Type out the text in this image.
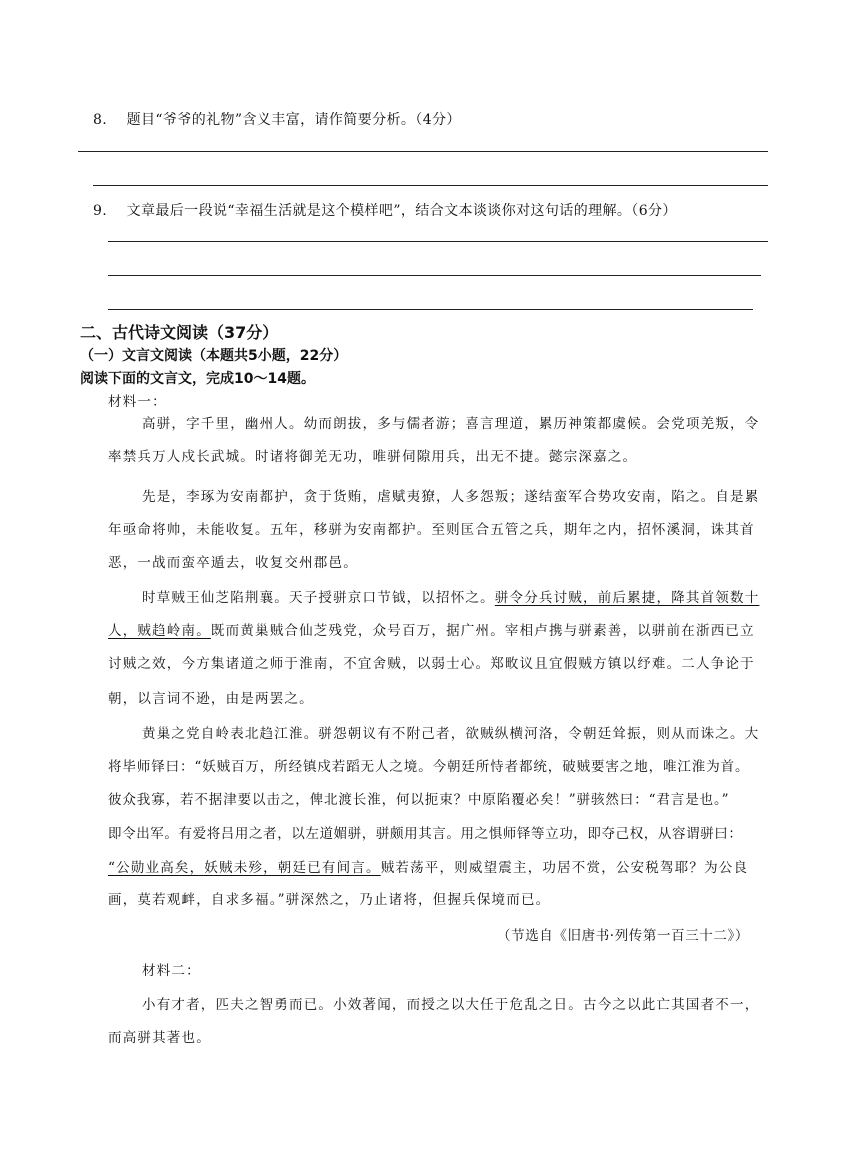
8. 题目“爷爷的礼物”含义丰富，请作简要分析。（4分）
9. 文章最后一段说“幸福生活就是这个模样吧”，结合文本谈谈你对这句话的理解。（6分）
二、古代诗文阅读（37分）
（一）文言文阅读（本题共5小题，22分）
阅读下面的文言文，完成10～14题。
材料一：
高骈，字千里，幽州人。幼而朗拔，多与儒者游；喜言理道，累历神策都虞候。会党项羌叛，令
率禁兵万人戍长武城。时诸将御羌无功，唯骈伺隙用兵，出无不捷。懿宗深嘉之。
先是，李琢为安南都护，贪于货贿，虐赋夷獠，人多怨叛；遂结蛮军合势攻安南，陷之。自是累
年亟命将帅，未能收复。五年，移骈为安南都护。至则匡合五管之兵，期年之内，招怀溪洞，诛其首
恶，一战而蛮卒遁去，收复交州郡邑。
时草贼王仙芝陷荆襄。天子授骈京口节钺，以招怀之。骈令分兵讨贼，前后累捷，降其首领数十
人，贼趋岭南。既而黄巢贼合仙芝残党，众号百万，据广州。宰相卢携与骈素善，以骈前在浙西已立
讨贼之效，今方集诸道之师于淮南，不宜舍贼，以弱士心。郑畋议且宜假贼方镇以纾难。二人争论于
朝，以言词不逊，由是两罢之。
黄巢之党自岭表北趋江淮。骈怨朝议有不附己者，欲贼纵横河洛，令朝廷耸振，则从而诛之。大
将毕师铎曰：“妖贼百万，所经镇戍若蹈无人之境。今朝廷所恃者都统，破贼要害之地，唯江淮为首。
彼众我寡，若不据津要以击之，俾北渡长淮，何以扼束？中原陷覆必矣！”骈骇然曰：“君言是也。”
即令出军。有爱将吕用之者，以左道媚骈，骈颇用其言。用之惧师铎等立功，即夺己权，从容谓骈曰：
“公勋业高矣，妖贼未殄，朝廷已有间言。贼若荡平，则威望震主，功居不赏，公安税驾耶？为公良
画，莫若观衅，自求多福。”骈深然之，乃止诸将，但握兵保境而已。
（节选自《旧唐书·列传第一百三十二》）
材料二：
小有才者，匹夫之智勇而已。小效著闻，而授之以大任于危乱之日。古今之以此亡其国者不一，
而高骈其著也。
